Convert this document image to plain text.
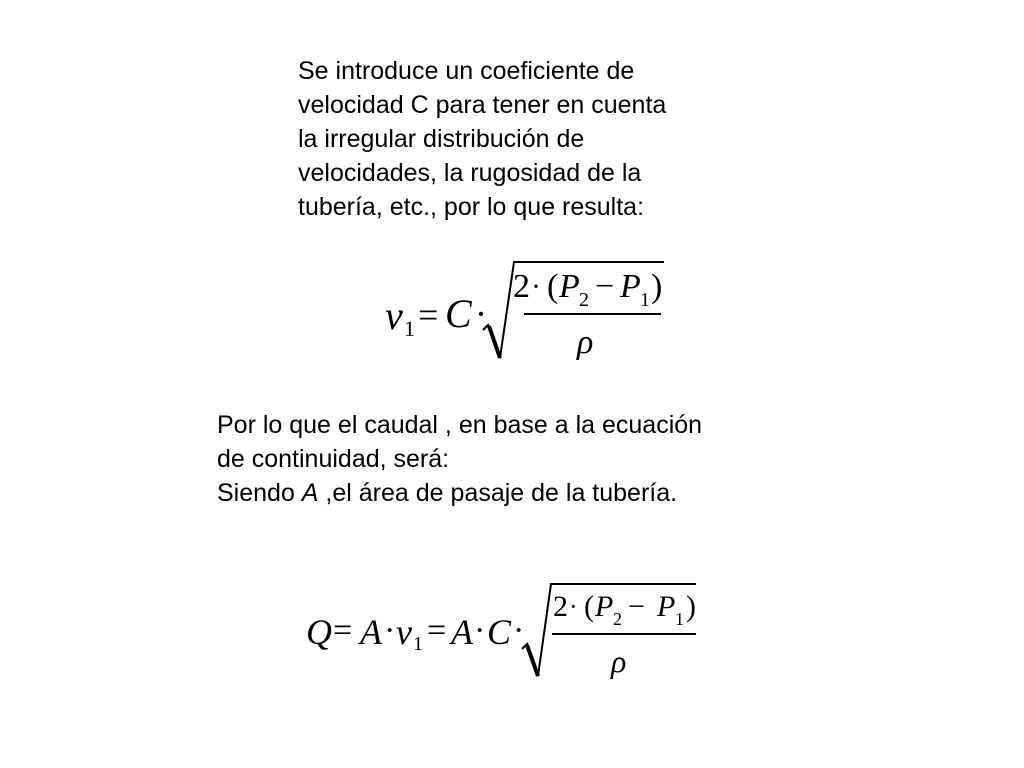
Se introduce un coeficiente de
velocidad C para tener en cuenta
la irregular distribución de
velocidades, la rugosidad de la
tubería, etc., por lo que resulta:

v 1 = C ·
2 · ( P 2 − P 1 )
ρ

Por lo que el caudal , en base a la ecuación
de continuidad, será:
Siendo A ,el área de pasaje de la tubería.

Q = A · v 1 = A · C ·
2 · ( P 2 − P 1 )
ρ
